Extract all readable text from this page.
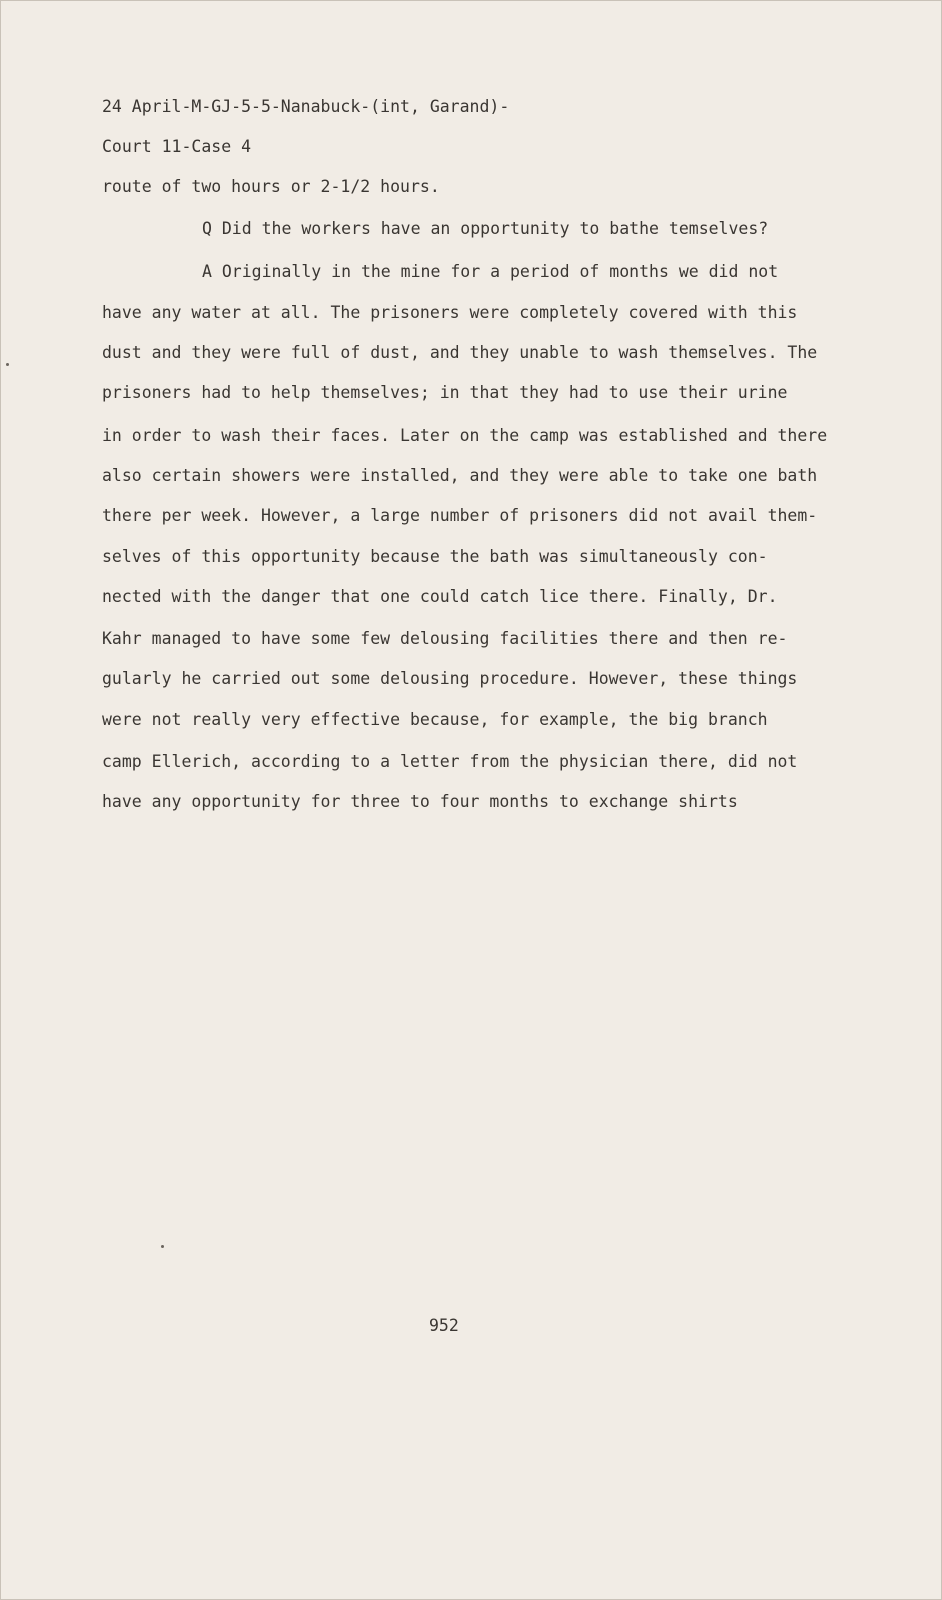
24 April-M-GJ-5-5-Nanabuck-(int, Garand)-
Court 11-Case 4
route of two hours or 2-1/2 hours.
Q Did the workers have an opportunity to bathe temselves?
A Originally in the mine for a period of months we did not
have any water at all. The prisoners were completely covered with this
dust and they were full of dust, and they unable to wash themselves. The
prisoners had to help themselves; in that they had to use their urine
in order to wash their faces. Later on the camp was established and there
also certain showers were installed, and they were able to take one bath
there per week. However, a large number of prisoners did not avail them-
selves of this opportunity because the bath was simultaneously con-
nected with the danger that one could catch lice there. Finally, Dr.
Kahr managed to have some few delousing facilities there and then re-
gularly he carried out some delousing procedure. However, these things
were not really very effective because, for example, the big branch
camp Ellerich, according to a letter from the physician there, did not
have any opportunity for three to four months to exchange shirts
952
